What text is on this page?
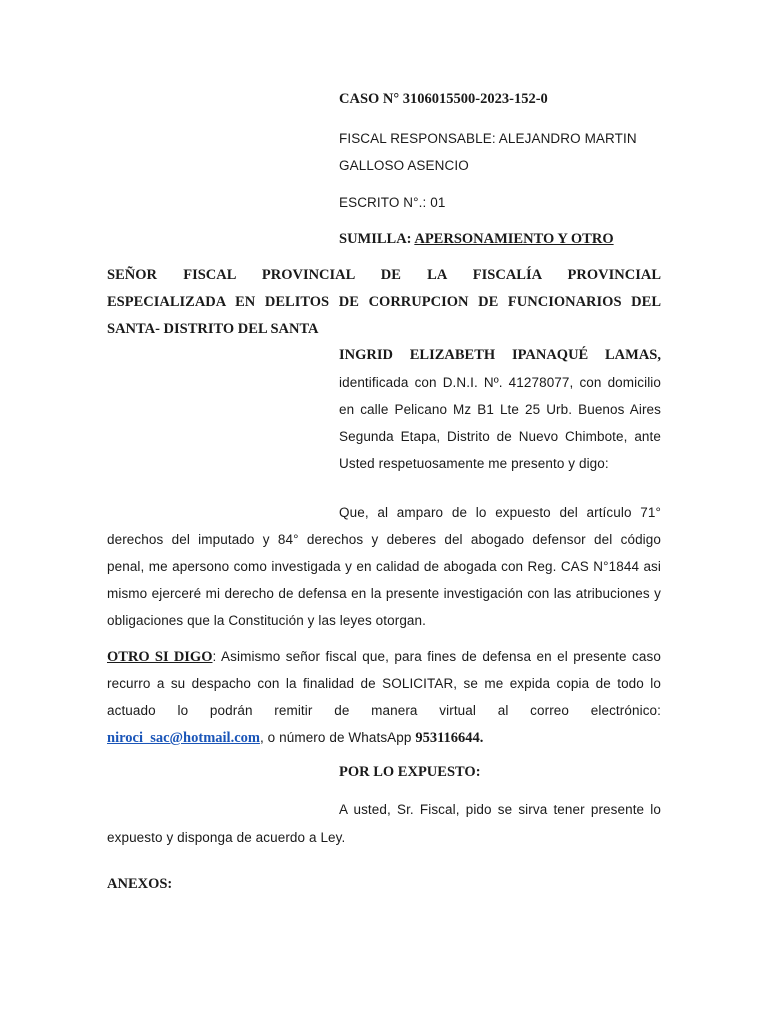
CASO N° 3106015500-2023-152-0
FISCAL RESPONSABLE: ALEJANDRO MARTIN
GALLOSO ASENCIO
ESCRITO N°.: 01
SUMILLA: APERSONAMIENTO Y OTRO
SEÑOR FISCAL PROVINCIAL DE LA FISCALÍA PROVINCIAL
ESPECIALIZADA EN DELITOS DE CORRUPCION DE FUNCIONARIOS DEL
SANTA- DISTRITO DEL SANTA
INGRID ELIZABETH IPANAQUÉ LAMAS,
identificada con D.N.I. Nº. 41278077, con domicilio
en calle Pelicano Mz B1 Lte 25 Urb. Buenos Aires
Segunda Etapa, Distrito de Nuevo Chimbote, ante
Usted respetuosamente me presento y digo:
Que, al amparo de lo expuesto del artículo 71°
derechos del imputado y 84° derechos y deberes del abogado defensor del código
penal, me apersono como investigada y en calidad de abogada con Reg. CAS N°1844 asi
mismo ejerceré mi derecho de defensa en la presente investigación con las atribuciones y
obligaciones que la Constitución y las leyes otorgan.
OTRO SI DIGO: Asimismo señor fiscal que, para fines de defensa en el presente caso
recurro a su despacho con la finalidad de SOLICITAR, se me expida copia de todo lo
actuado lo podrán remitir de manera virtual al correo electrónico:
niroci_sac@hotmail.com, o número de WhatsApp 953116644.
POR LO EXPUESTO:
A usted, Sr. Fiscal, pido se sirva tener presente lo
expuesto y disponga de acuerdo a Ley.
ANEXOS:
